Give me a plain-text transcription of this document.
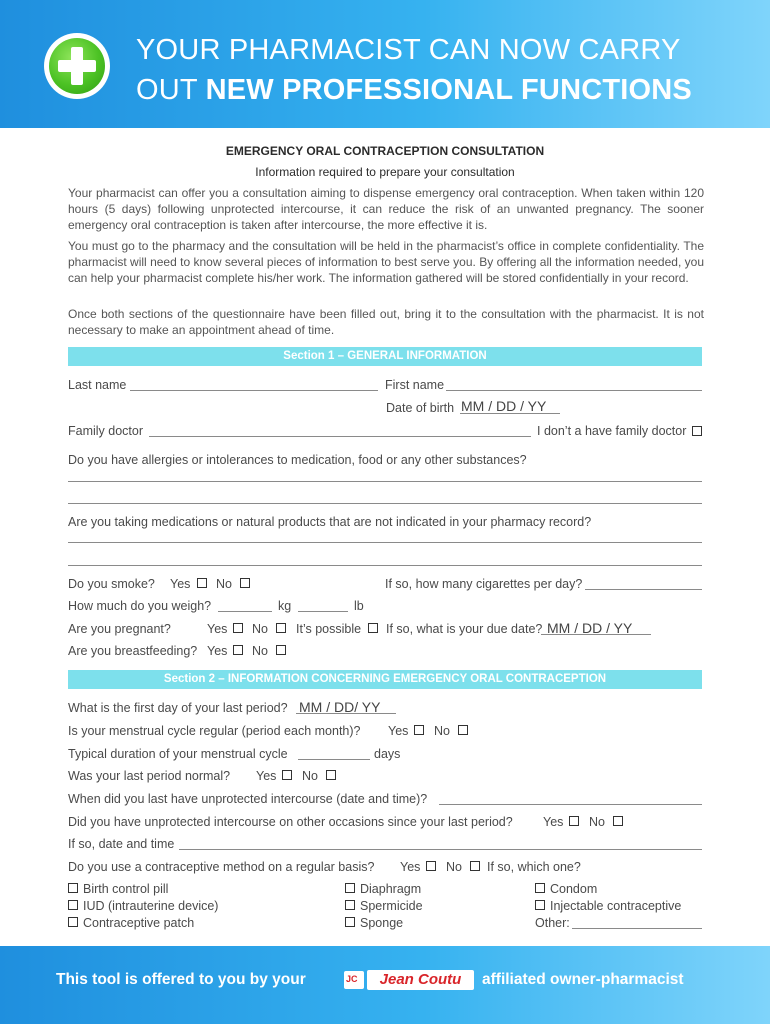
YOUR PHARMACIST CAN NOW CARRY
OUT NEW PROFESSIONAL FUNCTIONS
EMERGENCY ORAL CONTRACEPTION CONSULTATION
Information required to prepare your consultation
Your pharmacist can offer you a consultation aiming to dispense emergency oral contraception. When taken within 120 hours (5 days) following unprotected intercourse, it can reduce the risk of an unwanted pregnancy. The sooner emergency oral contraception is taken after intercourse, the more effective it is.
You must go to the pharmacy and the consultation will be held in the pharmacist’s office in complete confidentiality. The pharmacist will need to know several pieces of information to best serve you. By offering all the information needed, you can help your pharmacist complete his/her work. The information gathered will be stored confidentially in your record.
Once both sections of the questionnaire have been filled out, bring it to the consultation with the pharmacist. It is not necessary to make an appointment ahead of time.
Section 1 – GENERAL INFORMATION
Last name	First name
Date of birth MM / DD / YY
Family doctor	I don’t a have family doctor
Do you have allergies or intolerances to medication, food or any other substances?
Are you taking medications or natural products that are not indicated in your pharmacy record?
Do you smoke? Yes No	If so, how many cigarettes per day?
How much do you weigh?	kg	lb
Are you pregnant?	Yes No It’s possible If so, what is your due date? MM / DD / YY
Are you breastfeeding? Yes No
Section 2 – INFORMATION CONCERNING EMERGENCY ORAL CONTRACEPTION
What is the first day of your last period? MM / DD/ YY
Is your menstrual cycle regular (period each month)? Yes No
Typical duration of your menstrual cycle	days
Was your last period normal? Yes No
When did you last have unprotected intercourse (date and time)?
Did you have unprotected intercourse on other occasions since your last period? Yes No
If so, date and time
Do you use a contraceptive method on a regular basis? Yes No If so, which one?
Birth control pill
IUD (intrauterine device)
Contraceptive patch
Diaphragm
Spermicide
Sponge
Condom
Injectable contraceptive
Other:
This tool is offered to you by your	JC	Jean Coutu	affiliated owner-pharmacist
